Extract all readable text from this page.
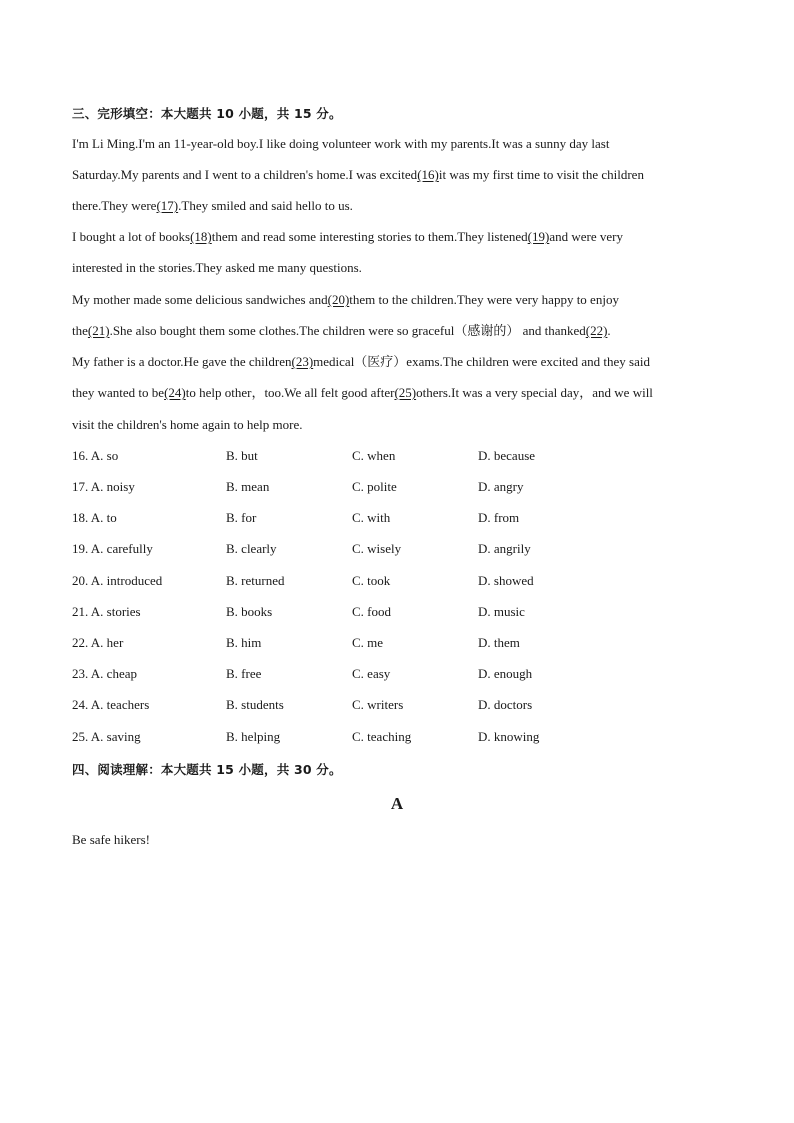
三、完形填空：本大题共 10 小题，共 15 分。
I'm Li Ming.I'm an 11-year-old boy.I like doing volunteer work with my parents.It was a sunny day last
Saturday.My parents and I went to a children's home.I was excited(16)it was my first time to visit the children
there.They were(17).They smiled and said hello to us.
I bought a lot of books(18)them and read some interesting stories to them.They listened(19)and were very
interested in the stories.They asked me many questions.
My mother made some delicious sandwiches and(20)them to the children.They were very happy to enjoy
the(21).She also bought them some clothes.The children were so graceful（感谢的） and thanked(22).
My father is a doctor.He gave the children(23)medical（医疗）exams.The children were excited and they said
they wanted to be(24)to help other，too.We all felt good after(25)others.It was a very special day，and we will
visit the children's home again to help more.
16. A. so	B. but	C. when	D. because
17. A. noisy	B. mean	C. polite	D. angry
18. A. to	B. for	C. with	D. from
19. A. carefully	B. clearly	C. wisely	D. angrily
20. A. introduced	B. returned	C. took	D. showed
21. A. stories	B. books	C. food	D. music
22. A. her	B. him	C. me	D. them
23. A. cheap	B. free	C. easy	D. enough
24. A. teachers	B. students	C. writers	D. doctors
25. A. saving	B. helping	C. teaching	D. knowing
四、阅读理解：本大题共 15 小题，共 30 分。
A
Be safe hikers!
